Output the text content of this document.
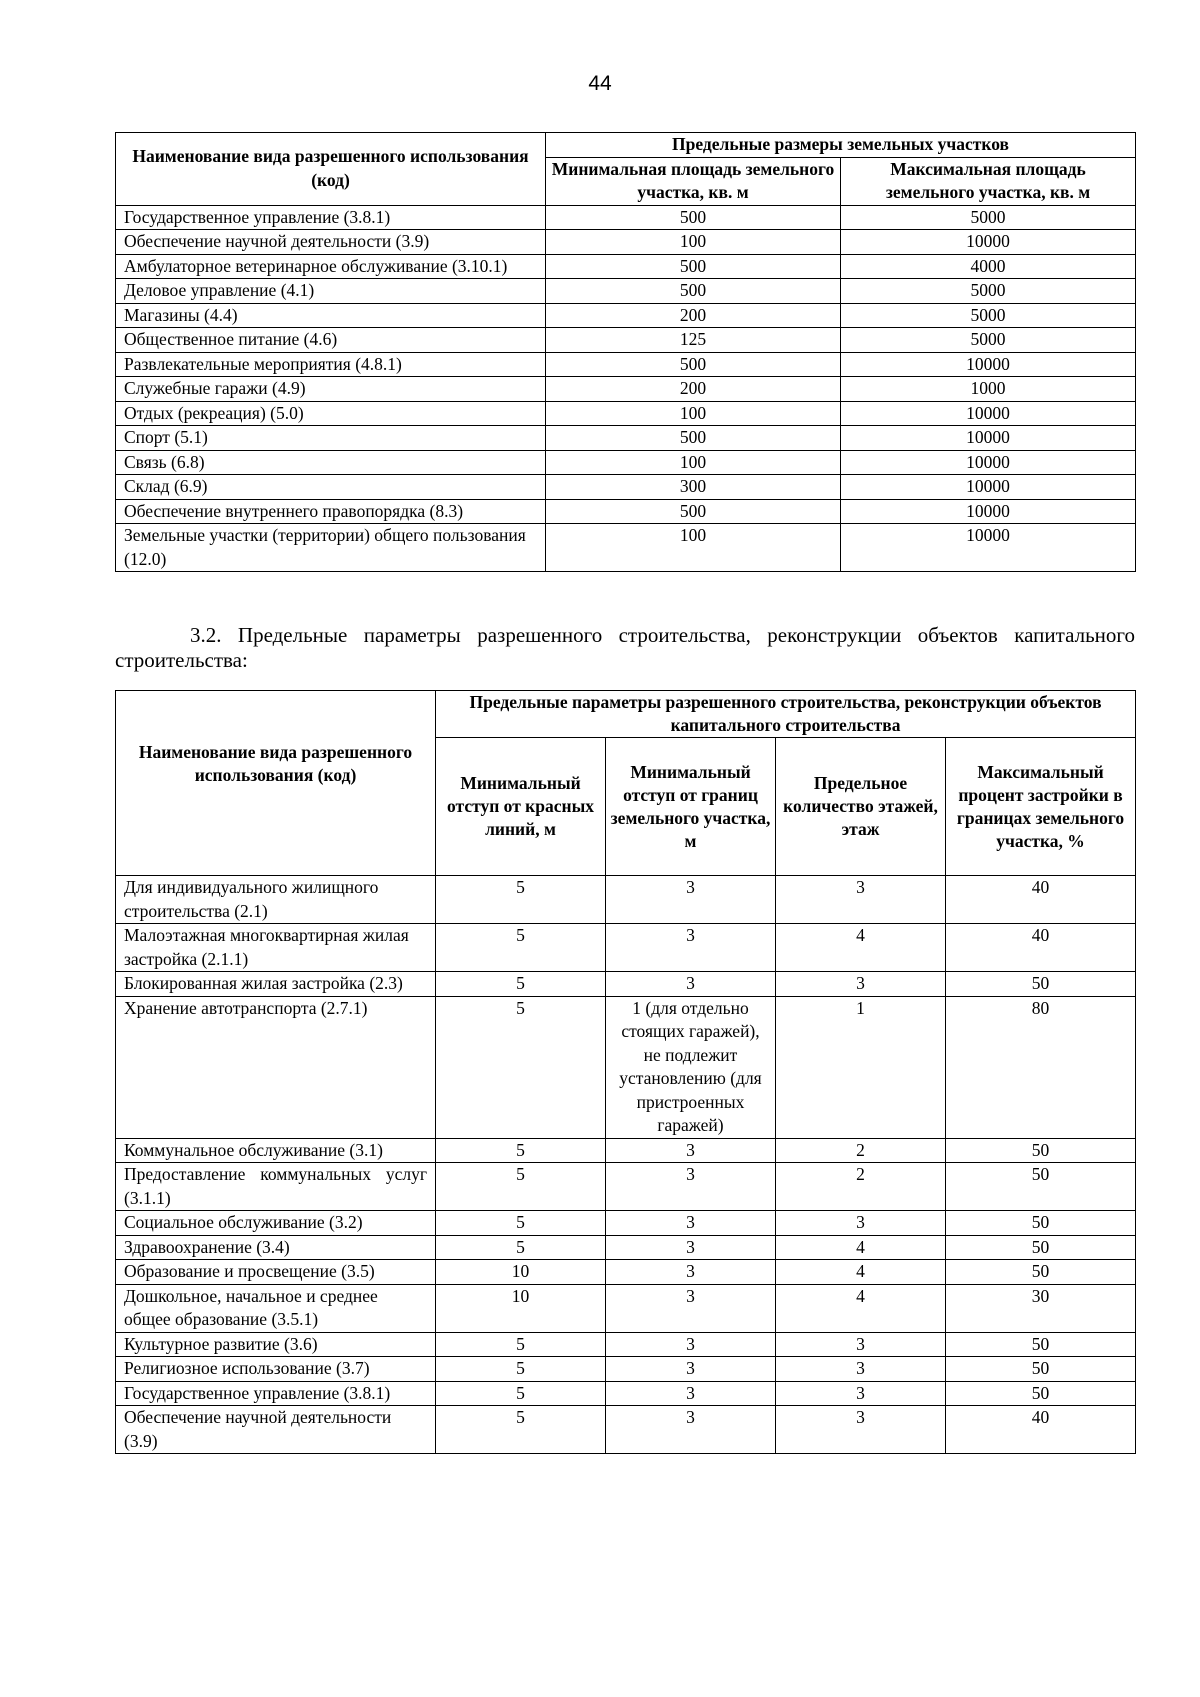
44
Наименование вида разрешенного использования (код)	Предельные размеры земельных участков	
	Минимальная площадь земельного участка, кв. м	Максимальная площадь земельного участка, кв. м
Государственное управление (3.8.1)	500	5000
Обеспечение научной деятельности (3.9)	100	10000
Амбулаторное ветеринарное обслуживание (3.10.1)	500	4000
Деловое управление (4.1)	500	5000
Магазины (4.4)	200	5000
Общественное питание (4.6)	125	5000
Развлекательные мероприятия (4.8.1)	500	10000
Служебные гаражи (4.9)	200	1000
Отдых (рекреация) (5.0)	100	10000
Спорт (5.1)	500	10000
Связь (6.8)	100	10000
Склад (6.9)	300	10000
Обеспечение внутреннего правопорядка (8.3)	500	10000
Земельные участки (территории) общего пользования (12.0)	100	10000
3.2. Предельные параметры разрешенного строительства, реконструкции объектов капитального строительства:
Наименование вида разрешенного использования (код)	Предельные параметры разрешенного строительства, реконструкции объектов капитального строительства			
	Минимальный отступ от красных линий, м	Минимальный отступ от границ земельного участка, м	Предельное количество этажей, этаж	Максимальный процент застройки в границах земельного участка, %
Для индивидуального жилищного строительства (2.1)	5	3	3	40
Малоэтажная многоквартирная жилая застройка (2.1.1)	5	3	4	40
Блокированная жилая застройка (2.3)	5	3	3	50
Хранение автотранспорта (2.7.1)	5	1 (для отдельно стоящих гаражей), не подлежит установлению (для пристроенных гаражей)	1	80
Коммунальное обслуживание (3.1)	5	3	2	50
Предоставление коммунальных услуг (3.1.1)	5	3	2	50
Социальное обслуживание (3.2)	5	3	3	50
Здравоохранение (3.4)	5	3	4	50
Образование и просвещение (3.5)	10	3	4	50
Дошкольное, начальное и среднее общее образование (3.5.1)	10	3	4	30
Культурное развитие (3.6)	5	3	3	50
Религиозное использование (3.7)	5	3	3	50
Государственное управление (3.8.1)	5	3	3	50
Обеспечение научной деятельности (3.9)	5	3	3	40
